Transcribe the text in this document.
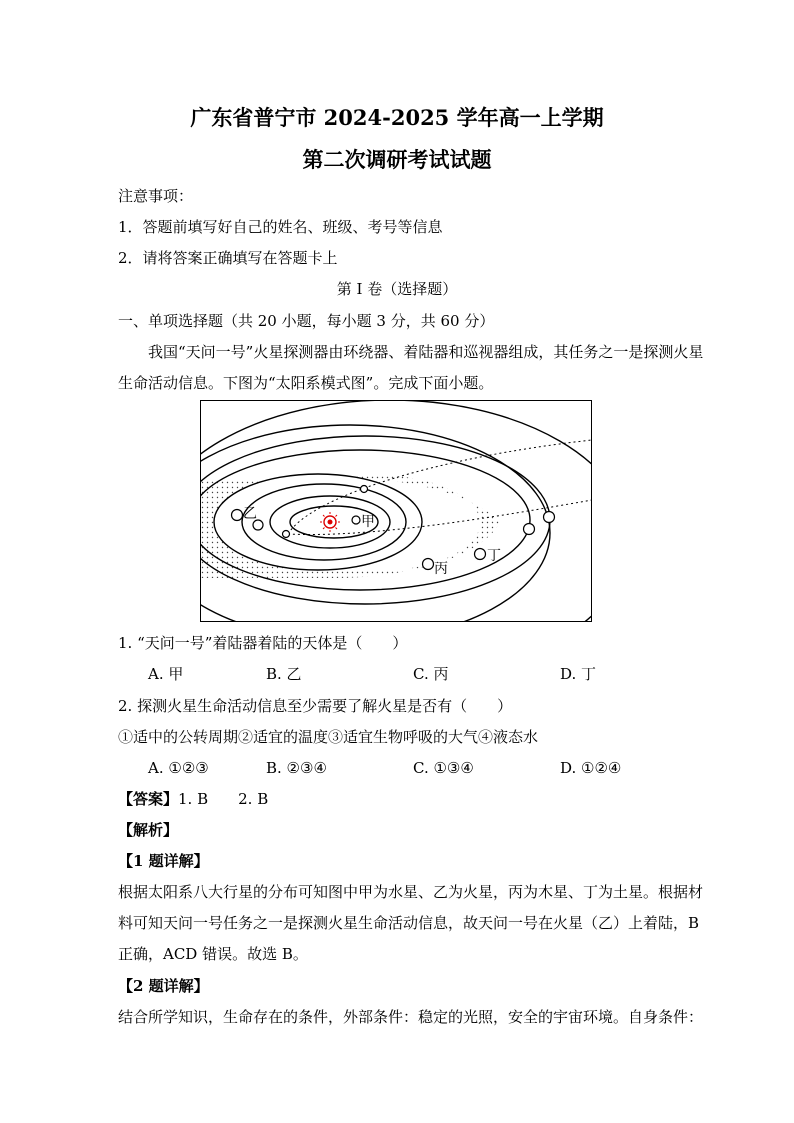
广东省普宁市 2024-2025 学年高一上学期
第二次调研考试试题
注意事项：
1．答题前填写好自己的姓名、班级、考号等信息
2．请将答案正确填写在答题卡上
第 I 卷（选择题）
一、单项选择题（共 20 小题，每小题 3 分，共 60 分）
我国“天问一号”火星探测器由环绕器、着陆器和巡视器组成，其任务之一是探测火星
生命活动信息。下图为“太阳系模式图”。完成下面小题。
甲
乙
丙
丁
1. “天问一号”着陆器着陆的天体是（　　）
A. 甲	B. 乙	C. 丙	D. 丁
2. 探测火星生命活动信息至少需要了解火星是否有（　　）
①适中的公转周期②适宜的温度③适宜生物呼吸的大气④液态水
A. ①②③	B. ②③④	C. ①③④	D. ①②④
【答案】1. B　　2. B
【解析】
【1 题详解】
根据太阳系八大行星的分布可知图中甲为水星、乙为火星，丙为木星、丁为土星。根据材
料可知天问一号任务之一是探测火星生命活动信息，故天问一号在火星（乙）上着陆，B
正确，ACD 错误。故选 B。
【2 题详解】
结合所学知识，生命存在的条件，外部条件：稳定的光照，安全的宇宙环境。自身条件：
